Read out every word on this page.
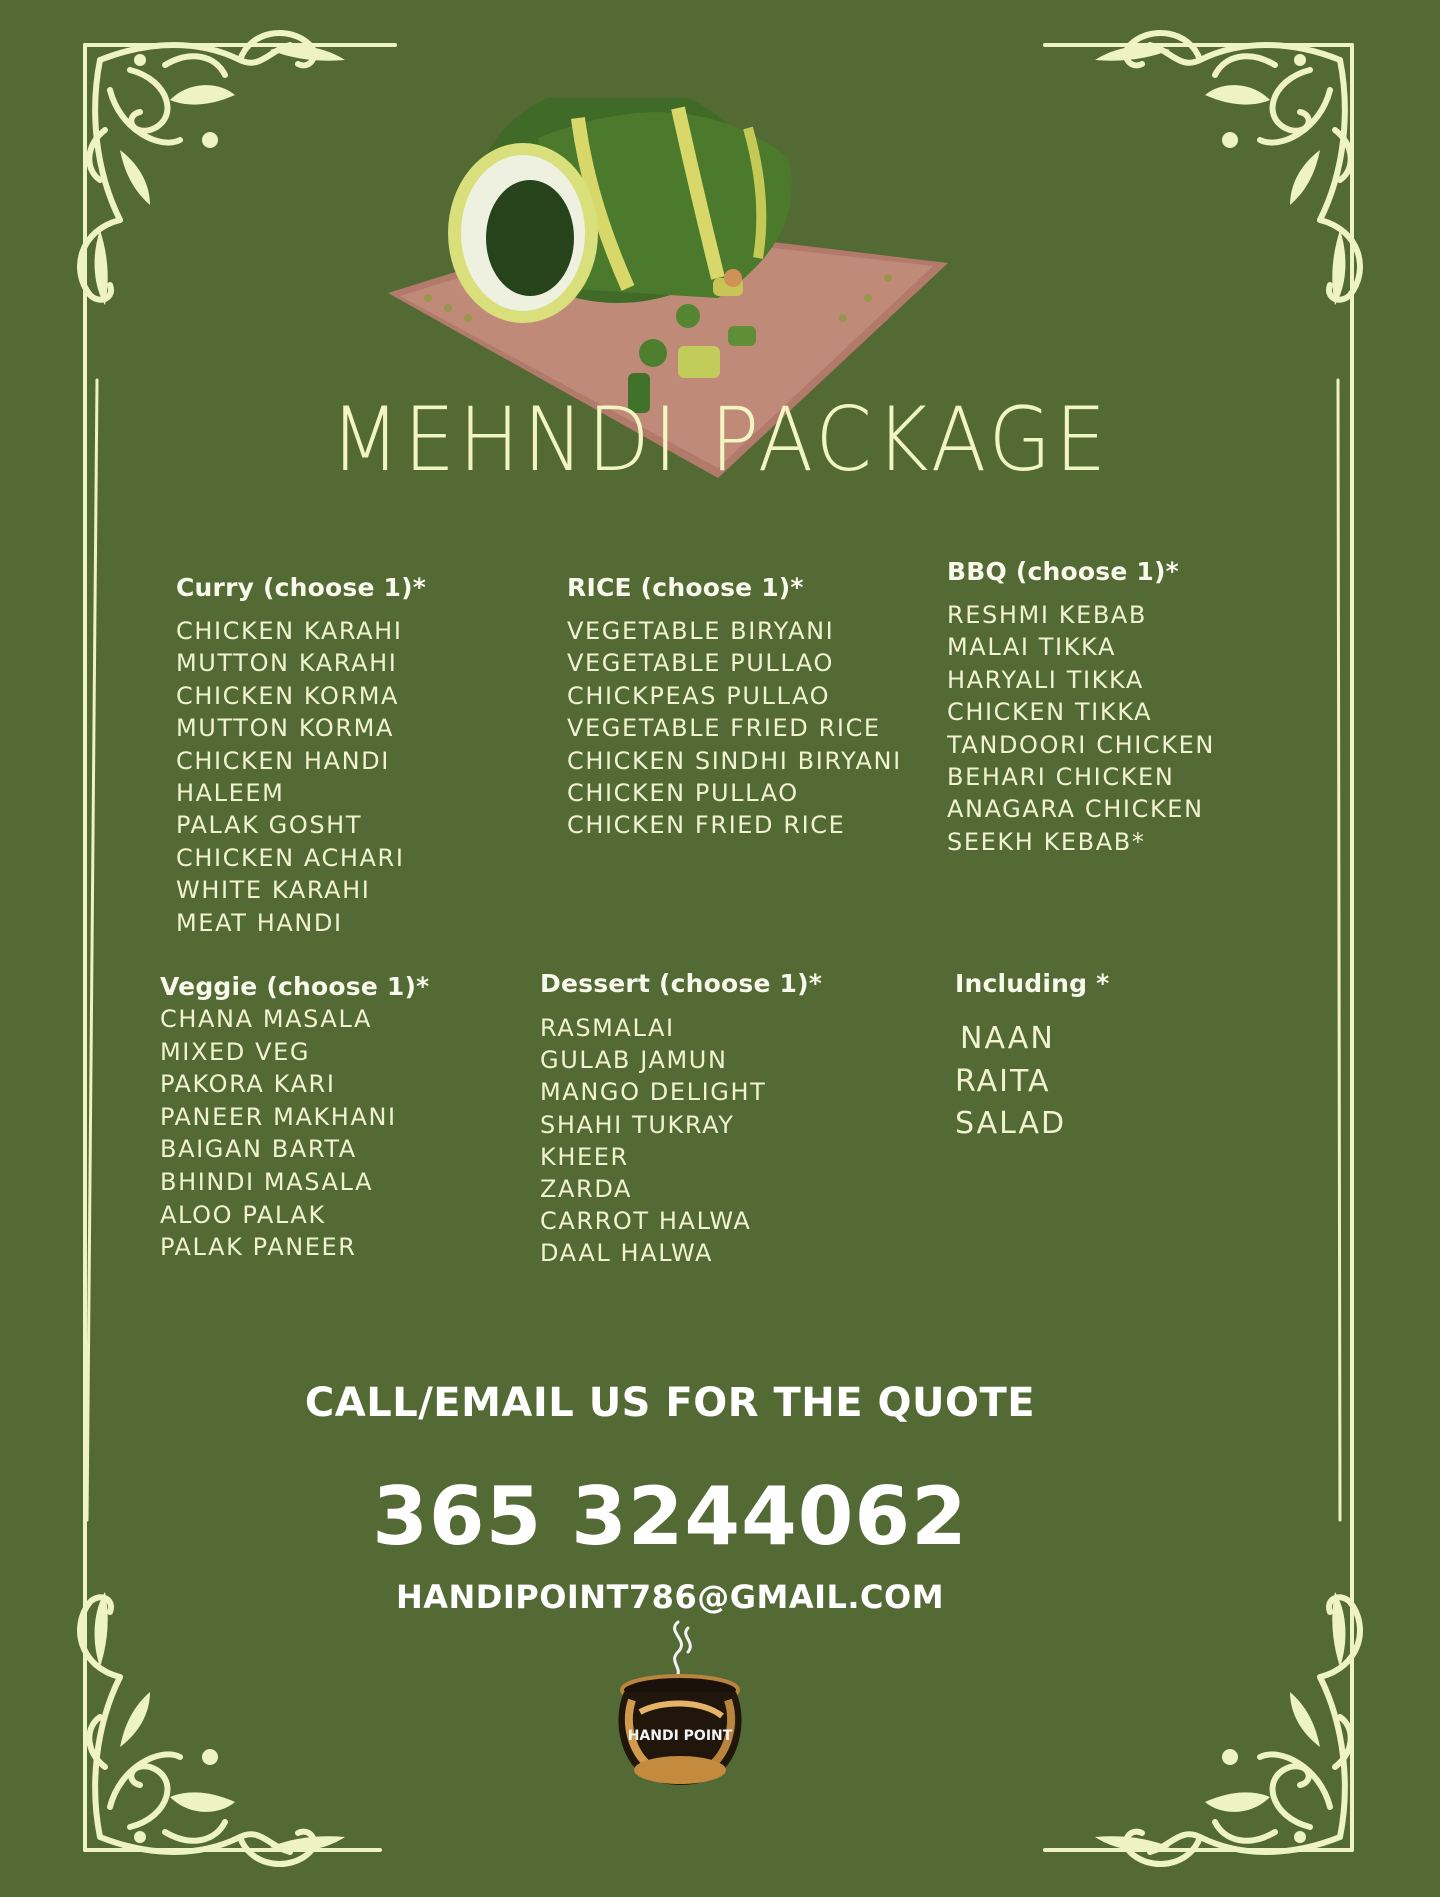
MEHNDI PACKAGE
Curry (choose 1)*
CHICKEN KARAHI
MUTTON KARAHI
CHICKEN KORMA
MUTTON KORMA
CHICKEN HANDI
HALEEM
PALAK GOSHT
CHICKEN ACHARI
WHITE KARAHI
MEAT HANDI
RICE (choose 1)*
VEGETABLE BIRYANI
VEGETABLE PULLAO
CHICKPEAS PULLAO
VEGETABLE FRIED RICE
CHICKEN SINDHI BIRYANI
CHICKEN PULLAO
CHICKEN FRIED RICE
BBQ (choose 1)*
RESHMI KEBAB
MALAI TIKKA
HARYALI TIKKA
CHICKEN TIKKA
TANDOORI CHICKEN
BEHARI CHICKEN
ANAGARA CHICKEN
SEEKH KEBAB*
Veggie (choose 1)*
CHANA MASALA
MIXED VEG
PAKORA KARI
PANEER MAKHANI
BAIGAN BARTA
BHINDI MASALA
ALOO PALAK
PALAK PANEER
Dessert (choose 1)*
RASMALAI
GULAB JAMUN
MANGO DELIGHT
SHAHI TUKRAY
KHEER
ZARDA
CARROT HALWA
DAAL HALWA
Including *
NAAN
RAITA
SALAD

CALL/EMAIL US FOR THE QUOTE

365 3244062

HANDIPOINT786@GMAIL.COM

HANDI POINT
